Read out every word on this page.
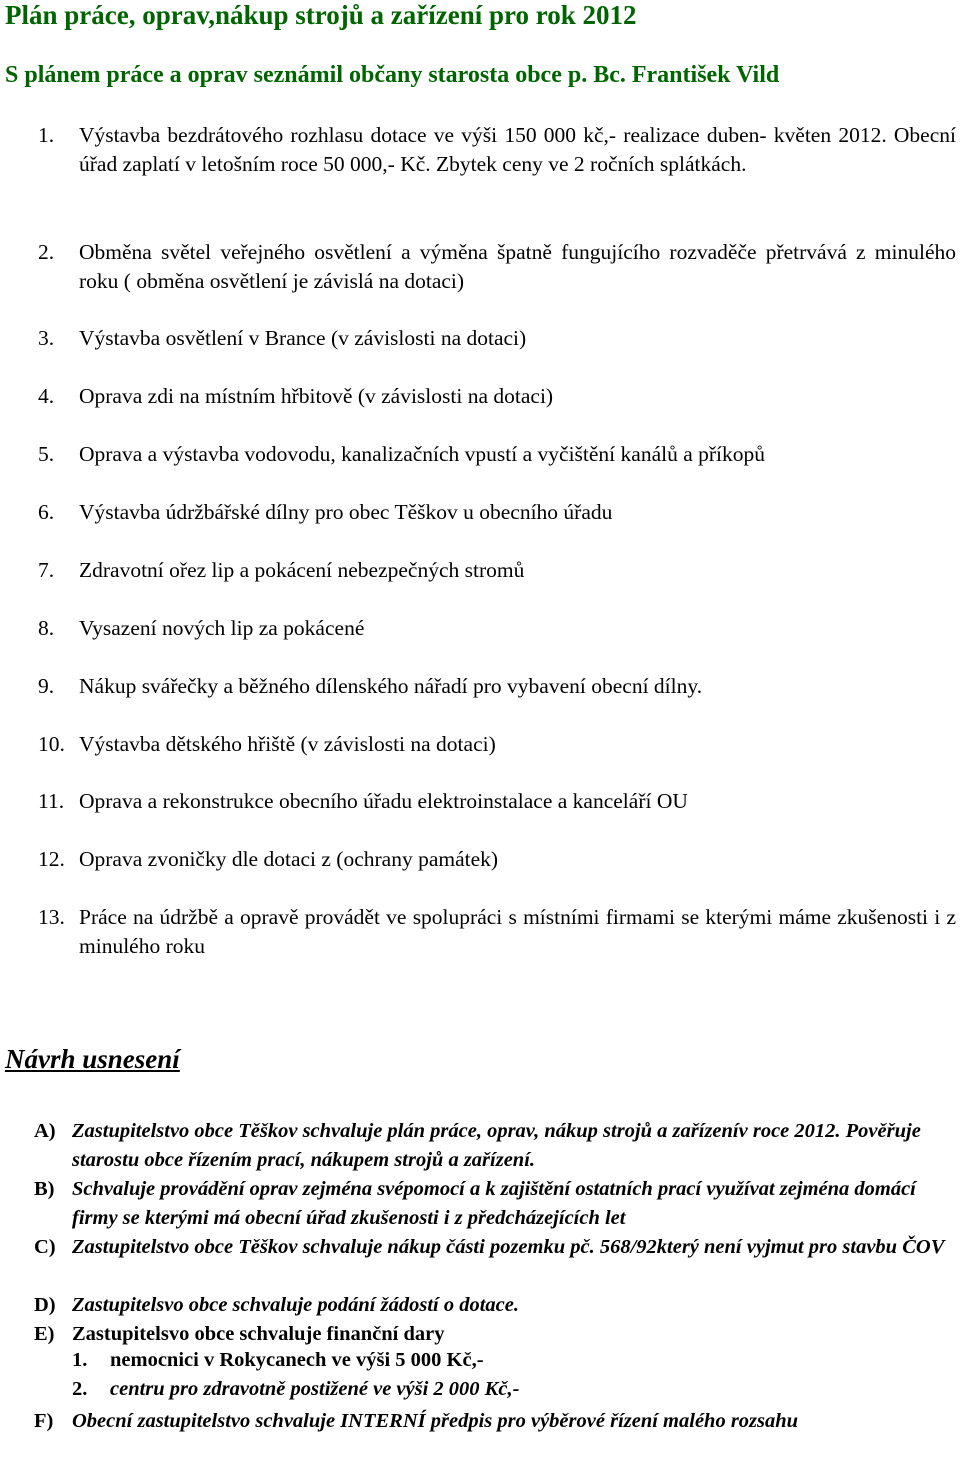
Plán práce, oprav,nákup strojů a zařízení pro rok 2012
S plánem práce a oprav seznámil občany starosta obce p. Bc. František Vild
1. Výstavba bezdrátového rozhlasu dotace ve výši 150 000 kč,- realizace duben- květen 2012. Obecní úřad zaplatí v letošním roce 50 000,- Kč. Zbytek ceny ve 2 ročních splátkách.
2. Obměna světel veřejného osvětlení a výměna špatně fungujícího rozvaděče přetrvává z minulého roku ( obměna osvětlení je závislá na dotaci)
3. Výstavba osvětlení v Brance (v závislosti na dotaci)
4. Oprava zdi na místním hřbitově (v závislosti na dotaci)
5. Oprava a výstavba vodovodu, kanalizačních vpustí a vyčištění kanálů a příkopů
6. Výstavba údržbářské dílny pro obec Těškov u obecního úřadu
7. Zdravotní ořez lip a pokácení nebezpečných stromů
8. Vysazení nových lip za pokácené
9. Nákup svářečky a běžného dílenského nářadí pro vybavení obecní dílny.
10. Výstavba dětského hřiště (v závislosti na dotaci)
11. Oprava a rekonstrukce obecního úřadu elektroinstalace a kanceláří OU
12. Oprava zvoničky dle dotaci z (ochrany památek)
13. Práce na údržbě a opravě provádět ve spolupráci s místními firmami se kterými máme zkušenosti i z minulého roku
Návrh usnesení
A) Zastupitelstvo obce Těškov schvaluje plán práce, oprav, nákup strojů a zařízenív roce 2012. Pověřuje starostu obce řízením prací, nákupem strojů a zařízení.
B) Schvaluje provádění oprav zejména svépomocí a k zajištění ostatních prací využívat zejména domácí firmy se kterými má obecní úřad zkušenosti i z předcházejících let
C) Zastupitelstvo obce Těškov schvaluje nákup části pozemku pč. 568/92který není vyjmut pro stavbu ČOV
D) Zastupitelsvo obce schvaluje podání žádostí o dotace.
E) Zastupitelsvo obce schvaluje finanční dary
1. nemocnici v Rokycanech ve výši 5 000 Kč,-
2. centru pro zdravotně postižené ve výši 2 000 Kč,-
F) Obecní zastupitelstvo schvaluje INTERNÍ předpis pro výběrové řízení malého rozsahu
